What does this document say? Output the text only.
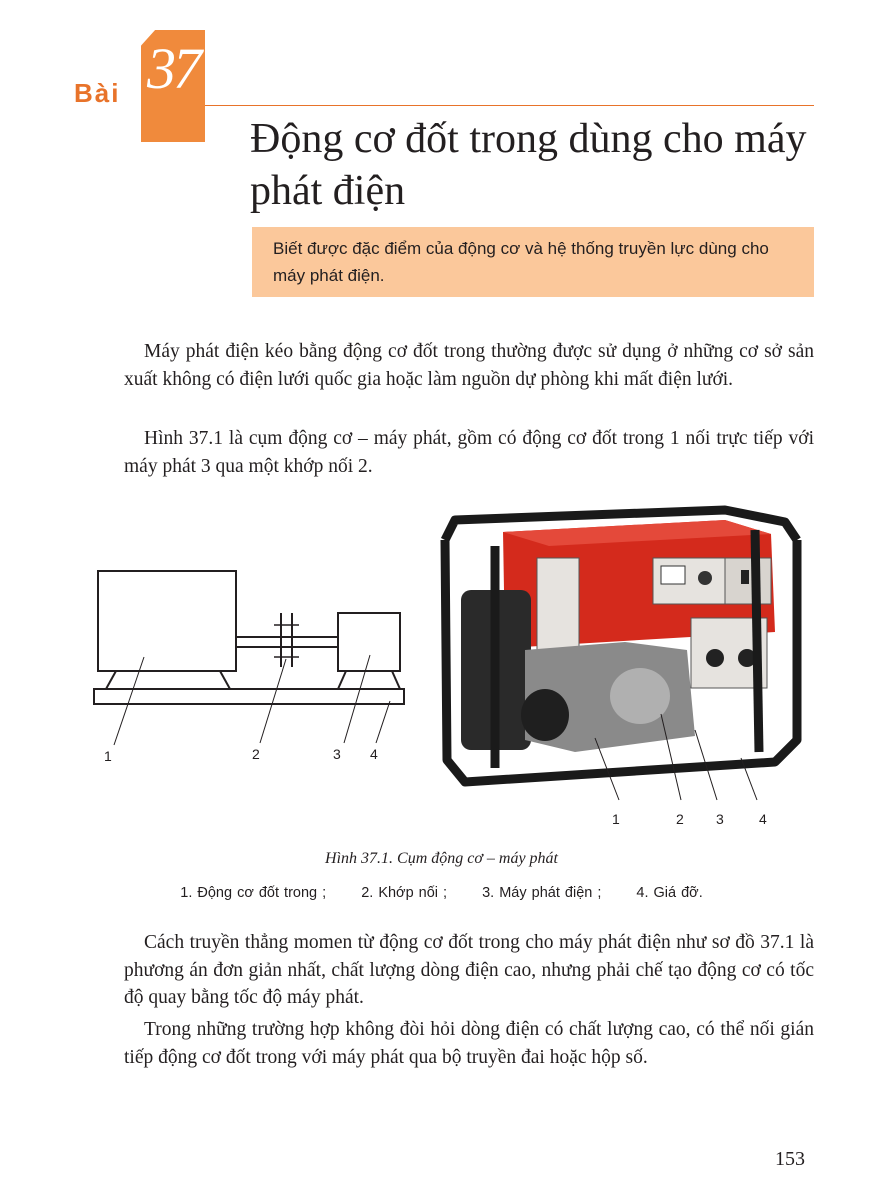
Bài 37
Động cơ đốt trong dùng cho máy phát điện
Biết được đặc điểm của động cơ và hệ thống truyền lực dùng cho máy phát điện.

Máy phát điện kéo bằng động cơ đốt trong thường được sử dụng ở những cơ sở sản xuất không có điện lưới quốc gia hoặc làm nguồn dự phòng khi mất điện lưới.

Hình 37.1 là cụm động cơ – máy phát, gồm có động cơ đốt trong 1 nối trực tiếp với máy phát 3 qua một khớp nối 2.

1	2	3 4
1	2 3	4
Hình 37.1. Cụm động cơ – máy phát
1. Động cơ đốt trong ; 2. Khớp nối ; 3. Máy phát điện ; 4. Giá đỡ.

Cách truyền thẳng momen từ động cơ đốt trong cho máy phát điện như sơ đồ 37.1 là phương án đơn giản nhất, chất lượng dòng điện cao, nhưng phải chế tạo động cơ có tốc độ quay bằng tốc độ máy phát.

Trong những trường hợp không đòi hỏi dòng điện có chất lượng cao, có thể nối gián tiếp động cơ đốt trong với máy phát qua bộ truyền đai hoặc hộp số.

153
